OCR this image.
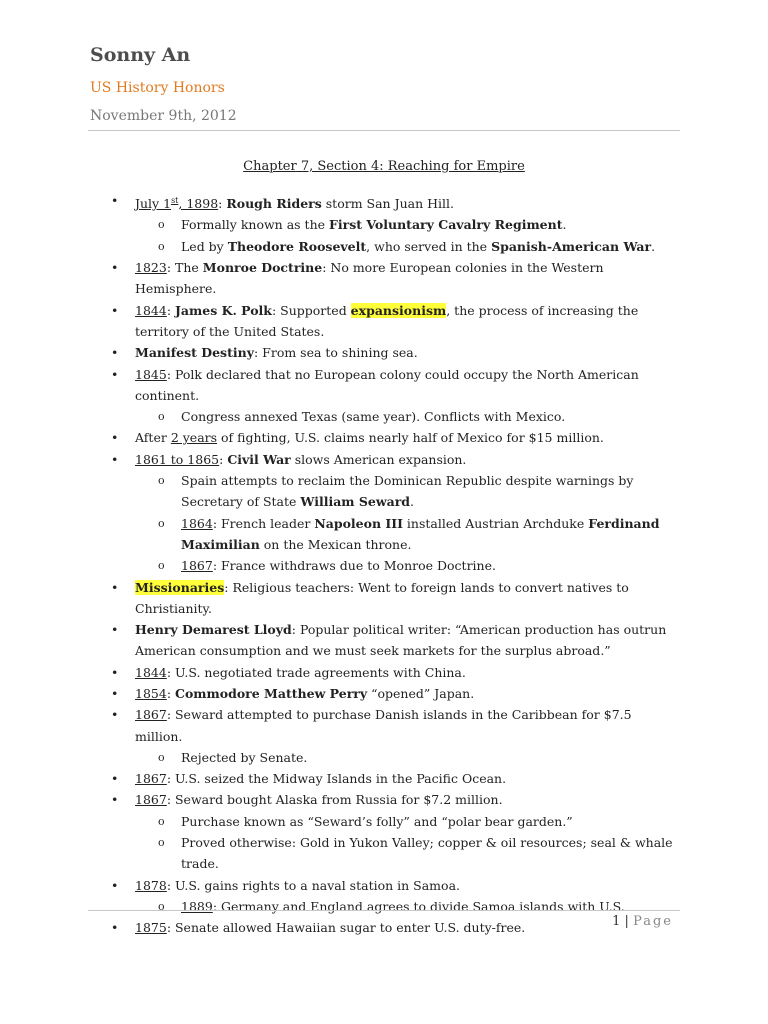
Sonny An
US History Honors
November 9th, 2012
Chapter 7, Section 4: Reaching for Empire
• July 1st, 1898: Rough Riders storm San Juan Hill.
o Formally known as the First Voluntary Cavalry Regiment.
o Led by Theodore Roosevelt, who served in the Spanish-American War.
• 1823: The Monroe Doctrine: No more European colonies in the Western Hemisphere.
• 1844: James K. Polk: Supported expansionism, the process of increasing the territory of the United States.
• Manifest Destiny: From sea to shining sea.
• 1845: Polk declared that no European colony could occupy the North American continent.
o Congress annexed Texas (same year). Conflicts with Mexico.
• After 2 years of fighting, U.S. claims nearly half of Mexico for $15 million.
• 1861 to 1865: Civil War slows American expansion.
o Spain attempts to reclaim the Dominican Republic despite warnings by Secretary of State William Seward.
o 1864: French leader Napoleon III installed Austrian Archduke Ferdinand Maximilian on the Mexican throne.
o 1867: France withdraws due to Monroe Doctrine.
• Missionaries: Religious teachers: Went to foreign lands to convert natives to Christianity.
• Henry Demarest Lloyd: Popular political writer: “American production has outrun American consumption and we must seek markets for the surplus abroad.”
• 1844: U.S. negotiated trade agreements with China.
• 1854: Commodore Matthew Perry “opened” Japan.
• 1867: Seward attempted to purchase Danish islands in the Caribbean for $7.5 million.
o Rejected by Senate.
• 1867: U.S. seized the Midway Islands in the Pacific Ocean.
• 1867: Seward bought Alaska from Russia for $7.2 million.
o Purchase known as “Seward’s folly” and “polar bear garden.”
o Proved otherwise: Gold in Yukon Valley; copper & oil resources; seal & whale trade.
• 1878: U.S. gains rights to a naval station in Samoa.
o 1889: Germany and England agrees to divide Samoa islands with U.S.
• 1875: Senate allowed Hawaiian sugar to enter U.S. duty-free.	1 | Page
